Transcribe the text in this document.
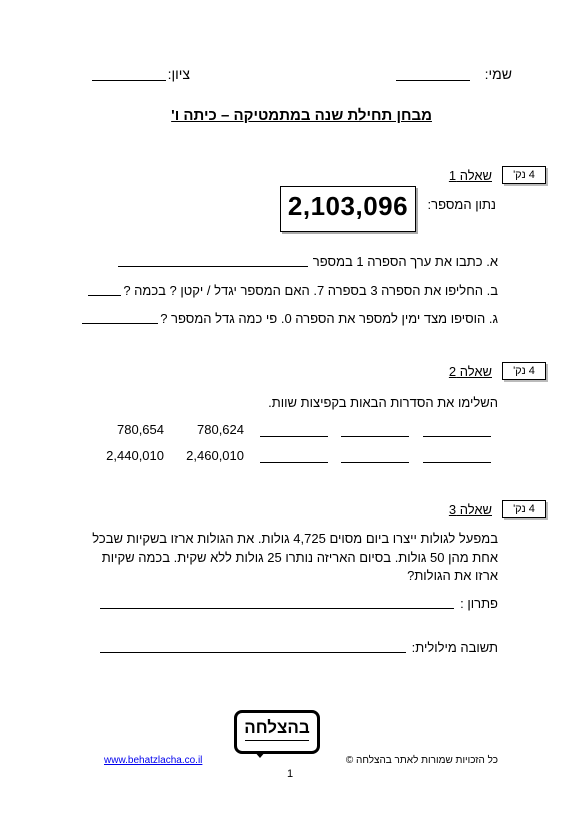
שמי:
ציון:
מבחן תחילת שנה במתמטיקה – כיתה ו'
4 נק'
שאלה 1
נתון המספר:
2,103,096
א. כתבו את ערך הספרה 1 במספר
ב. החליפו את הספרה 3 בספרה 7. האם המספר יגדל / יקטן ? בכמה ?
ג. הוסיפו מצד ימין למספר את הספרה 0. פי כמה גדל המספר ?
4 נק'
שאלה 2
השלימו את הסדרות הבאות בקפיצות שוות.
780,654	780,624
2,440,010	2,460,010
4 נק'
שאלה 3
במפעל לגולות ייצרו ביום מסוים 4,725 גולות. את הגולות ארזו בשקיות שבכל
אחת מהן 50 גולות. בסיום האריזה נותרו 25 גולות ללא שקית. בכמה שקיות
ארזו את הגולות?
פתרון :
תשובה מילולית:
בהצלחה
כל הזכויות שמורות לאתר בהצלחה ©
www.behatzlacha.co.il
1
